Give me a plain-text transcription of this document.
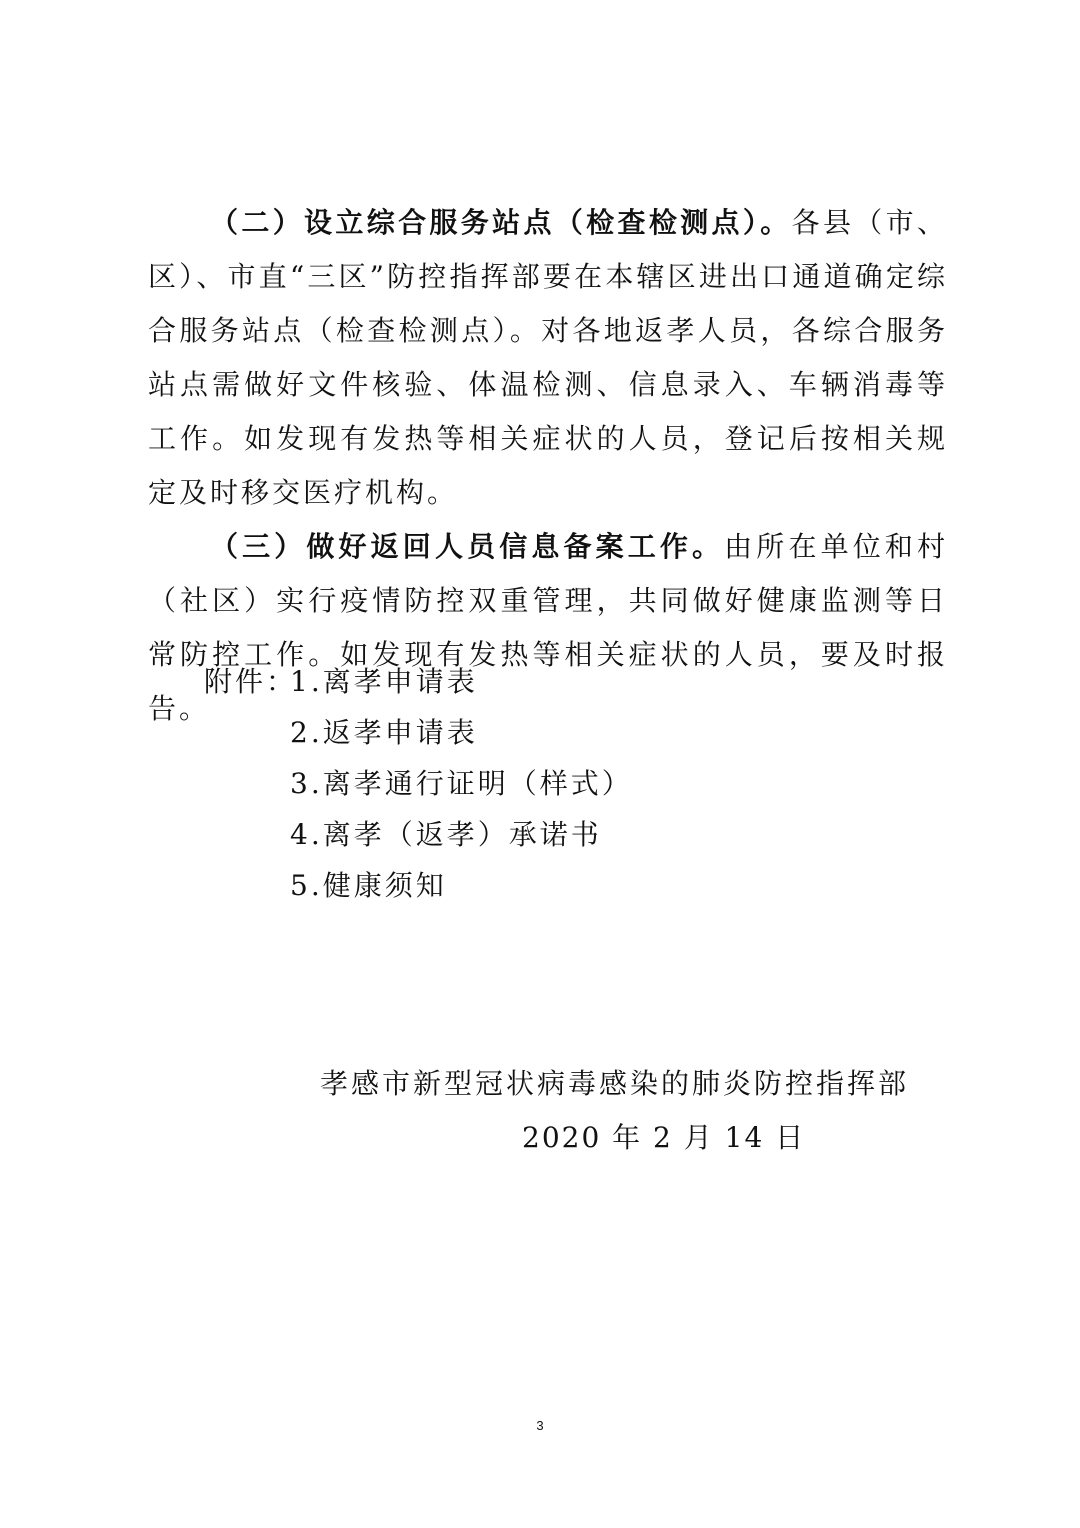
（二）设立综合服务站点（检查检测点）。各县（市、区）、市直“三区”防控指挥部要在本辖区进出口通道确定综合服务站点（检查检测点）。对各地返孝人员，各综合服务站点需做好文件核验、体温检测、信息录入、车辆消毒等工作。如发现有发热等相关症状的人员，登记后按相关规定及时移交医疗机构。

（三）做好返回人员信息备案工作。由所在单位和村（社区）实行疫情防控双重管理，共同做好健康监测等日常防控工作。如发现有发热等相关症状的人员，要及时报告。

附件：
1.离孝申请表
2.返孝申请表
3.离孝通行证明（样式）
4.离孝（返孝）承诺书
5.健康须知
孝感市新型冠状病毒感染的肺炎防控指挥部
2020 年 2 月 14 日
3
